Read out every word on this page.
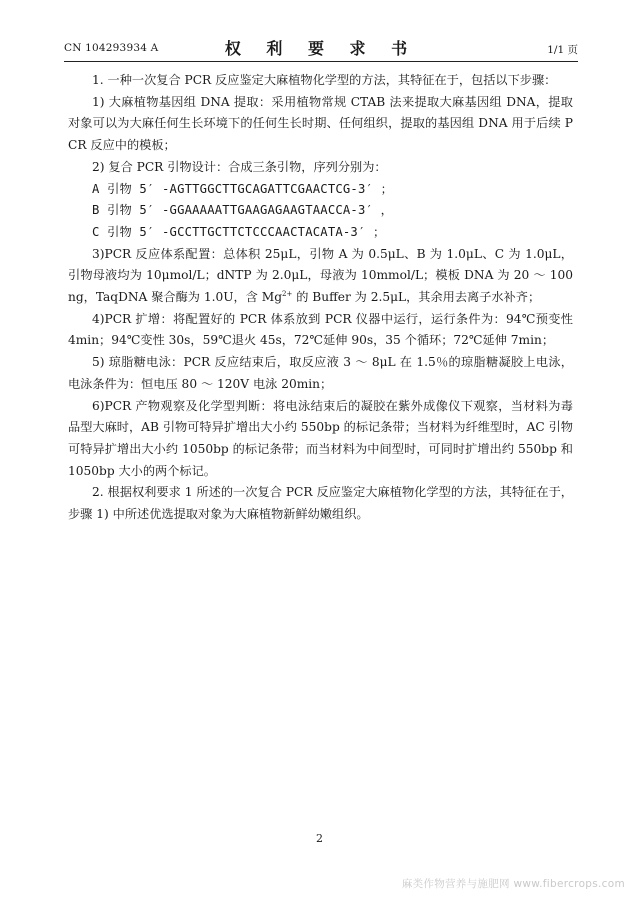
CN 104293934 A	权 利 要 求 书	1/1 页

1. 一种一次复合 PCR 反应鉴定大麻植物化学型的方法，其特征在于，包括以下步骤：

1) 大麻植物基因组 DNA 提取：采用植物常规 CTAB 法来提取大麻基因组 DNA，提取对象可以为大麻任何生长环境下的任何生长时期、任何组织，提取的基因组 DNA 用于后续 PCR 反应中的模板；

2) 复合 PCR 引物设计：合成三条引物，序列分别为：

A 引物 5′ -AGTTGGCTTGCAGATTCGAACTCG-3′ ；

B 引物 5′ -GGAAAAATTGAAGAGAAGTAACCA-3′ ，

C 引物 5′ -GCCTTGCTTCTCCCAACTACATA-3′ ；

3)PCR 反应体系配置：总体积 25μL，引物 A 为 0.5μL、B 为 1.0μL、C 为 1.0μL，引物母液均为 10μmol/L；dNTP 为 2.0μL，母液为 10mmol/L；模板 DNA 为 20 ～ 100ng，TaqDNA 聚合酶为 1.0U，含 $Mg^{2+}$ 的 Buffer 为 2.5μL，其余用去离子水补齐；

4)PCR 扩增：将配置好的 PCR 体系放到 PCR 仪器中运行，运行条件为：94℃预变性 4min；94℃变性 30s，59℃退火 45s，72℃延伸 90s，35 个循环；72℃延伸 7min；

5) 琼脂糖电泳：PCR 反应结束后，取反应液 3 ～ 8μL 在 1.5％的琼脂糖凝胶上电泳，电泳条件为：恒电压 80 ～ 120V 电泳 20min；

6)PCR 产物观察及化学型判断：将电泳结束后的凝胶在紫外成像仪下观察，当材料为毒品型大麻时，AB 引物可特异扩增出大小约 550bp 的标记条带；当材料为纤维型时，AC 引物可特异扩增出大小约 1050bp 的标记条带；而当材料为中间型时，可同时扩增出约 550bp 和 1050bp 大小的两个标记。

2. 根据权利要求 1 所述的一次复合 PCR 反应鉴定大麻植物化学型的方法，其特征在于，步骤 1) 中所述优选提取对象为大麻植物新鲜幼嫩组织。

2
麻类作物营养与施肥网 www.fibercrops.com
